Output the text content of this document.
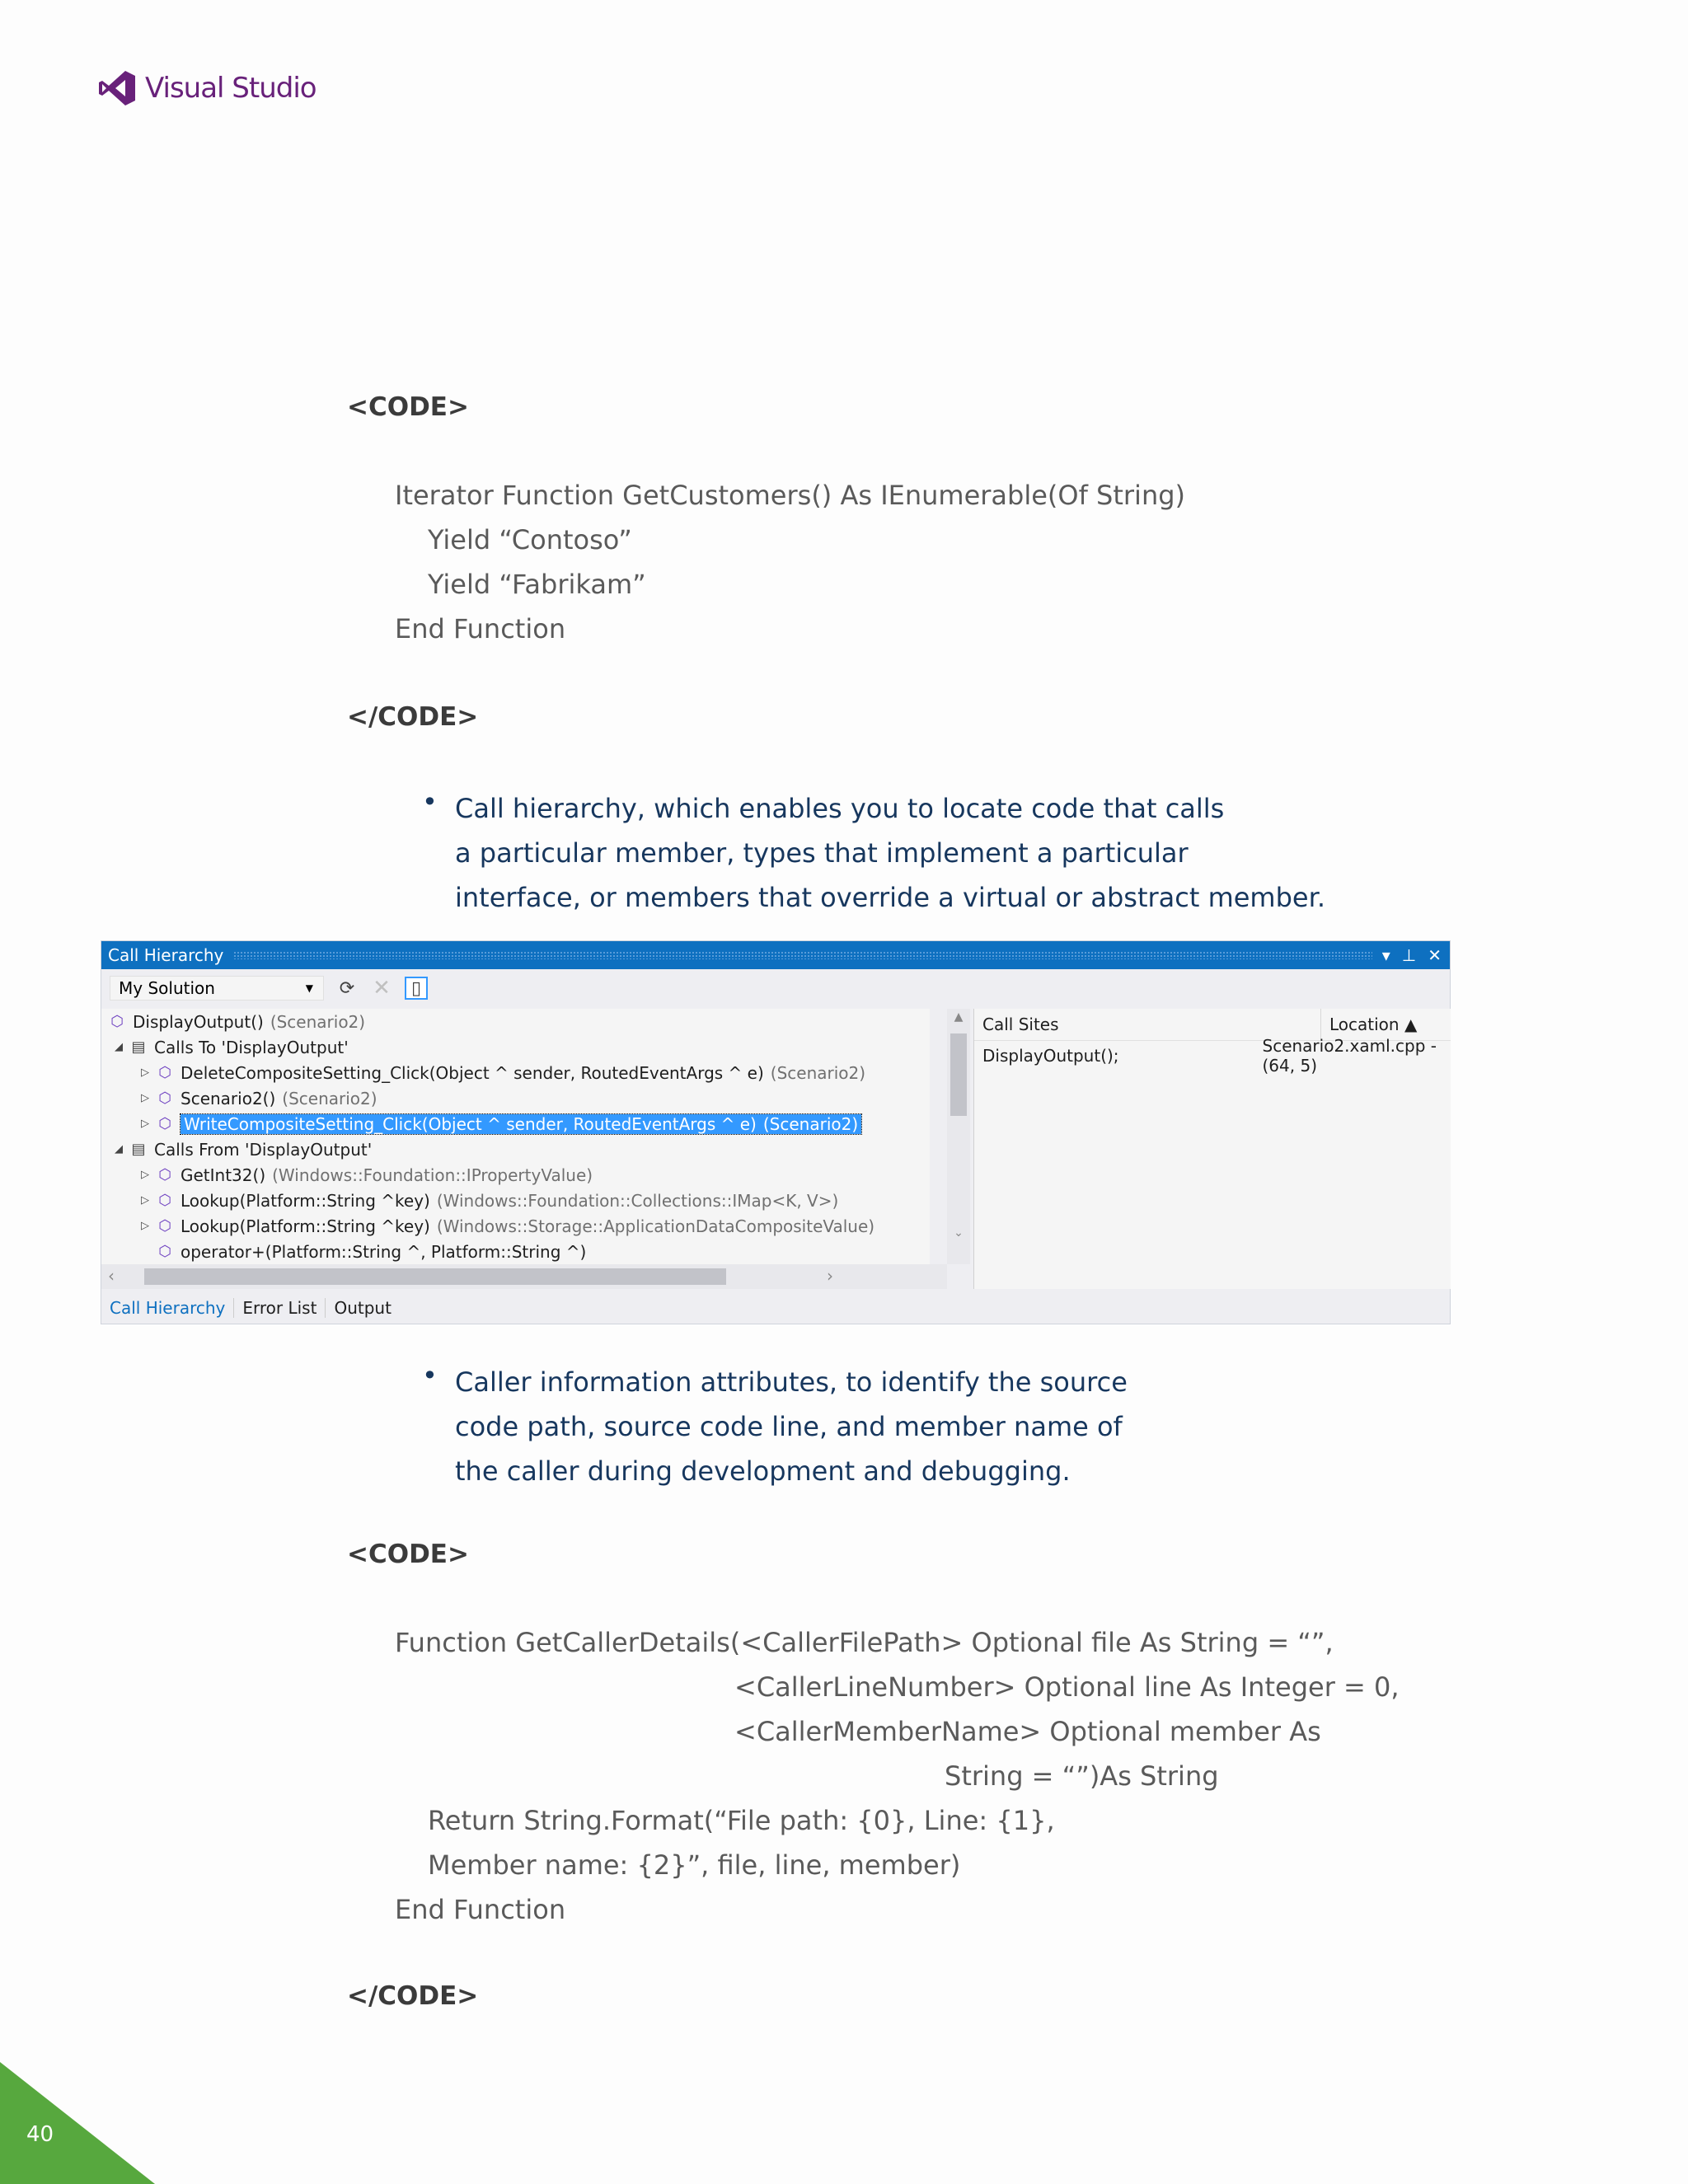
Visual Studio
<CODE>
Iterator Function GetCustomers() As IEnumerable(Of String)
Yield “Contoso”
Yield “Fabrikam”
End Function
</CODE>
• Call hierarchy, which enables you to locate code that calls
a particular member, types that implement a particular
interface, or members that override a virtual or abstract member.
Call Hierarchy	▾ ⊥ ✕
My Solution	▼	⟳ ✕	▯
⬡ DisplayOutput() (Scenario2)
◢ ▤ Calls To 'DisplayOutput'
▷ ⬡ DeleteCompositeSetting_Click(Object ^ sender, RoutedEventArgs ^ e) (Scenario2)
▷ ⬡ Scenario2() (Scenario2)
▷ ⬡ WriteCompositeSetting_Click(Object ^ sender, RoutedEventArgs ^ e) (Scenario2)
◢ ▤ Calls From 'DisplayOutput'
▷ ⬡ GetInt32() (Windows::Foundation::IPropertyValue)
▷ ⬡ Lookup(Platform::String ^key) (Windows::Foundation::Collections::IMap<K, V>)
▷ ⬡ Lookup(Platform::String ^key) (Windows::Storage::ApplicationDataCompositeValue)
⬡ operator+(Platform::String ^, Platform::String ^)
▲
⌄
‹	›
Call Sites	Location ▲
DisplayOutput();	Scenario2.xaml.cpp - (64, 5)
Call Hierarchy	Error List	Output
• Caller information attributes, to identify the source
code path, source code line, and member name of
the caller during development and debugging.
<CODE>
Function GetCallerDetails(<CallerFilePath> Optional file As String = “”,
<CallerLineNumber> Optional line As Integer = 0,
<CallerMemberName> Optional member As
String = “”)As String
Return String.Format(“File path: {0}, Line: {1},
Member name: {2}”, file, line, member)
End Function
</CODE>
40
